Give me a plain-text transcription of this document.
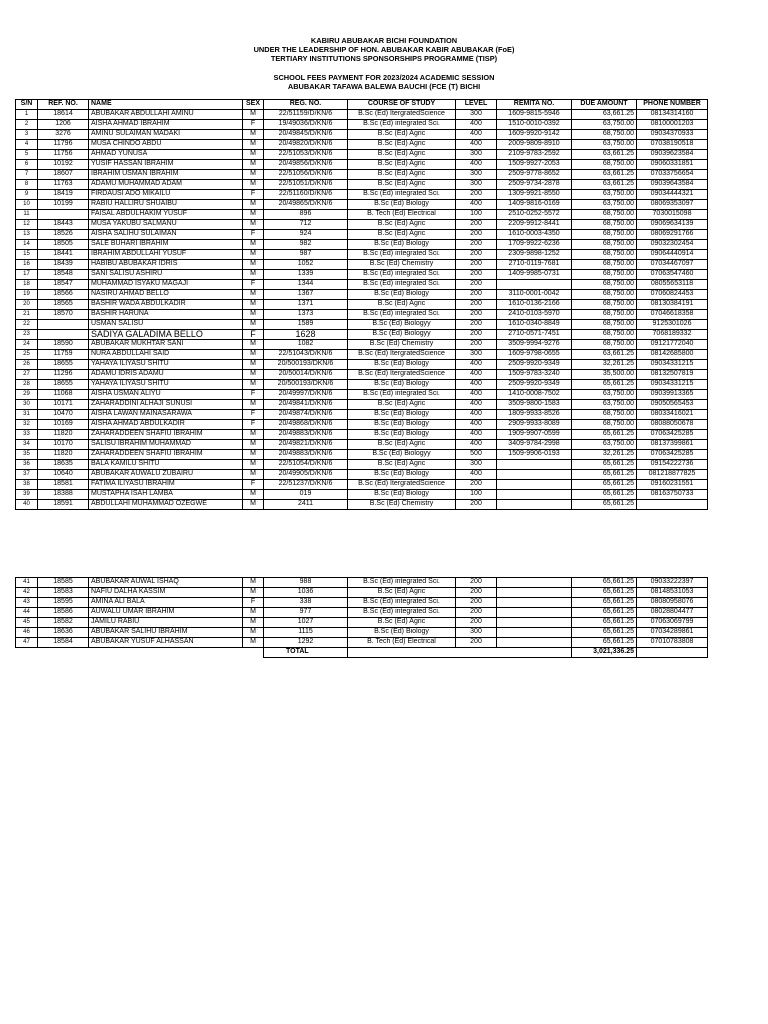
KABIRU ABUBAKAR BICHI FOUNDATION
UNDER THE LEADERSHIP OF HON. ABUBAKAR KABIR ABUBAKAR (FoE)
TERTIARY INSTITUTIONS SPONSORSHIPS PROGRAMME (TISP)
SCHOOL FEES PAYMENT FOR 2023/2024 ACADEMIC SESSION
ABUBAKAR TAFAWA BALEWA BAUCHI (FCE (T) BICHI
S/N	REF. NO.	NAME	SEX	REG. NO.	COURSE OF STUDY	LEVEL	REMITA NO.	DUE AMOUNT	PHONE NUMBER
1	18614	ABUBAKAR ABDULLAHI AMINU	M	22/51159/D/KN/6	B.Sc (Ed) ItergratedScience	300	1609-9815-5946	63,661.25	08134314160
2	1206	AISHA AHMAD IBRAHIM	F	19/49036/D/KN/6	B.Sc (Ed) integrated Sci.	400	1510-0010-0392	63,750.00	08100001203
3	3276	AMINU SULAIMAN MADAKI	M	20/49845/D/KN/6	B.Sc (Ed) Agric	400	1609-9920-9142	68,750.00	09034370933
4	11796	MUSA CHINDO ABDU	M	20/49820/D/KN/6	B.Sc (Ed) Agric	400	2009-9809-8910	63,750.00	07038190518
5	11756	AHMAD YUNUSA	M	22/51053/D/KN/6	B.Sc (Ed) Agric	300	2109-9783-2592	63,661.25	09039623584
6	10192	YUSIF HASSAN IBRAHIM	M	20/49856/D/KN/6	B.Sc (Ed) Agric	400	1509-9927-2053	68,750.00	09060331851
7	18607	IBRAHIM USMAN IBRAHIM	M	22/51056/D/KN/6	B.Sc (Ed) Agric	300	2509-9778-8652	63,661.25	07033756654
8	11763	ADAMU MUHAMMAD ADAM	M	22/51051/D/KN/6	B.Sc (Ed) Agric	300	2509-9734-2878	63,661.25	09039643584
9	18419	FIRDAUSI ADO MIKAILU	F	22/51160/D/KN/6	B.Sc (Ed) integrated Sci.	200	1309-9921-8550	63,750.00	09034444321
10	10199	RABIU HALLIRU SHUAIBU	M	20/49865/D/KN/6	B.Sc (Ed) Biology	400	1409-9816-0169	63,750.00	08069353097
11		FAISAL ABDULHAKIM YUSUF	M	896	B. Tech (Ed) Electrical	100	2510-0252-5572	68,750.00	7030015098
12	18443	MUSA YAKUBU SALMANU	M	712	B.Sc (Ed) Agric	200	2209-9912-8441	68,750.00	09069634139
13	18526	AISHA SALIHU SULAIMAN	F	924	B.Sc (Ed) Agric	200	1610-0003-4350	68,750.00	08069291766
14	18505	SALE BUHARI IBRAHIM	M	982	B.Sc (Ed) Biology	200	1709-9922-6236	68,750.00	09032302454
15	18441	IBRAHIM ABDULLAHI YUSUF	M	987	B.Sc (Ed) integrated Sci.	200	2309-9898-1252	68,750.00	09064440914
16	18439	HABIBU ABUBAKAR IDRIS	M	1052	B.Sc (Ed) Chemistry	200	2710-0119-7681	68,750.00	07034467097
17	18548	SANI SALISU ASHIRU	M	1339	B.Sc (Ed) integrated Sci.	200	1409-9985-0731	68,750.00	07063547460
18	18547	MUHAMMAD ISYAKU MAGAJI	F	1344	B.Sc (Ed) integrated Sci.	200		68,750.00	08055653118
19	18566	NASIRU AHMAD BELLO	M	1367	B.Sc (Ed) Biology	200	3110-0001-0042	68,750.00	07060824453
20	18565	BASHIR WADA ABDULKADIR	M	1371	B.Sc (Ed) Agric	200	1610-0136-2166	68,750.00	08130384191
21	18570	BASHIR HARUNA	M	1373	B.Sc (Ed) integrated Sci.	200	2410-0103-5970	68,750.00	07046618358
22		USMAN SALISU	M	1589	B.Sc (Ed) Biologyy	200	1610-0340-8849	68,750.00	9125301026
23		SADIYA GALADIMA BELLO	F	1628	B.Sc (Ed) Biologyy	200	2710-0571-7451	68,750.00	7068189332
24	18590	ABUBAKAR MUKHTAR SANI	M	1082	B.Sc (Ed) Chemistry	200	3509-9994-9276	68,750.00	09121772040
25	11759	NURA ABDULLAHI SAID	M	22/51043/D/KN/6	B.Sc (Ed) ItergratedScience	300	1609-9798-0655	63,661.25	08142685800
26	18655	YAHAYA ILIYASU SHITU	M	20/500193/DKN/6	B.Sc (Ed) Biology	400	2509-9920-9349	32,261.25	09034331215
27	11296	ADAMU IDRIS ADAMU	M	20/50014/D/KN/6	B.Sc (Ed) ItergratedScience	400	1509-9783-3240	35,500.00	08132507819
28	18655	YAHAYA ILIYASU SHITU	M	20/500193/DKN/6	B.Sc (Ed) Biology	400	2509-9920-9349	65,661.25	09034331215
29	11068	AISHA USMAN ALIYU	F	20/49997/D/KN/6	B.Sc (Ed) integrated Sci.	400	1410-0008-7502	63,750.00	09039913365
30	10171	ZAHARADDINI ALHAJI SUNUSI	M	20/49841/D/KN/6	B.Sc (Ed) Agric	400	3509-9800-1583	63,750.00	09050565453
31	10470	AISHA LAWAN MAINASARAWA	F	20/49874/D/KN/6	B.Sc (Ed) Biology	400	1809-9933-8526	68,750.00	08033416021
32	10169	AISHA AHMAD ABDULKADIR	F	20/49868/D/KN/6	B.Sc (Ed) Biology	400	2909-9933-8089	68,750.00	08088050678
33	11820	ZAHARADDEEN SHAFIU IBRAHIM	M	20/49883/D/KN/6	B.Sc (Ed) Biology	400	1909-9907-0599	65,661.25	07063425285
34	10170	SALISU IBRAHIM MUHAMMAD	M	20/49821/D/KN/6	B.Sc (Ed) Agric	400	3409-9784-2998	63,750.00	08137399861
35	11820	ZAHARADDEEN SHAFIU IBRAHIM	M	20/49883/D/KN/6	B.Sc (Ed) Biologyy	500	1509-9906-0193	32,261.25	07063425285
36	18635	BALA KAMILU SHITU	M	22/51054/D/KN/6	B.Sc (Ed) Agric	300		65,661.25	09154222736
37	10640	ABUBAKAR AUWALU ZUBAIRU	M	20/49905/D/KN/6	B.Sc (Ed) Biology	400		65,661.25	081218877825
38	18581	FATIMA ILIYASU IBRAHIM	F	22/51237/D/KN/6	B.Sc (Ed) ItergratedScience	200		65,661.25	09160231551
39	18388	MUSTAPHA ISAH LAMBA	M	019	B.Sc (Ed) Biology	100		65,661.25	08163750733
40	18591	ABDULLAHI MUHAMMAD OZEGWE	M	2411	B.Sc (Ed) Chemistry	200		65,661.25	
41	18585	ABUBAKAR AUWAL ISHAQ	M	988	B.Sc (Ed) integrated Sci.	200		65,661.25	09033222397
42	18583	NAFIU DALHA KASSIM	M	1036	B.Sc (Ed) Agric	200		65,661.25	08148531053
43	18595	AMINA ALI BALA	F	338	B.Sc (Ed) integrated Sci.	200		65,661.25	08080958076
44	18586	AUWALU UMAR IBRAHIM	M	977	B.Sc (Ed) integrated Sci.	200		65,661.25	08028804477
45	18582	JAMILU RABIU	M	1027	B.Sc (Ed) Agric	200		65,661.25	07063069799
46	18636	ABUBAKAR SALIHU IBRAHIM	M	1115	B.Sc (Ed) Biology	300		65,661.25	07034289861
47	18584	ABUBAKAR YUSUF ALHASSAN	M	1292	B. Tech (Ed) Electrical	200		65,661.25	07010783808
				TOTAL				3,021,336.25	
